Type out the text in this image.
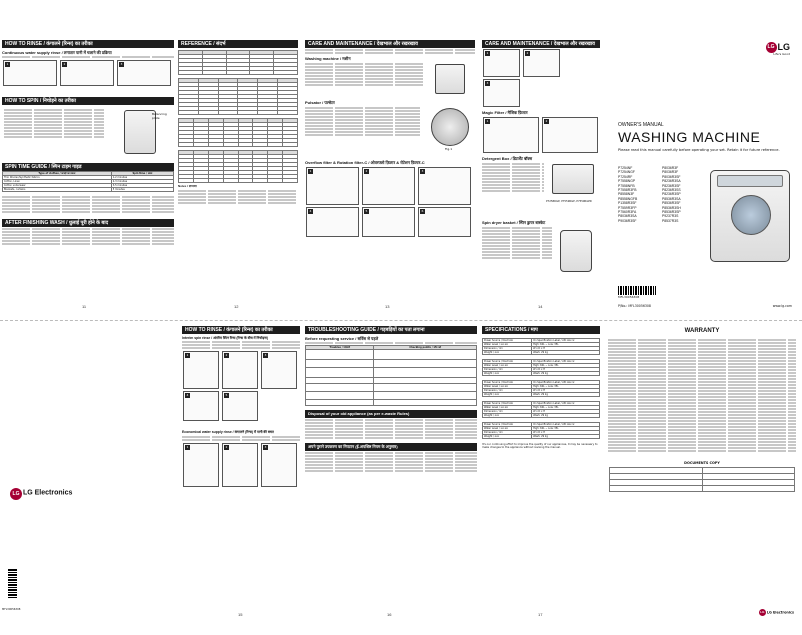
HOW TO RINSE / कंगालने (रिन्स) का तरीका
Continuous water supply rinse / लगातार पानी में चलाने की प्रक्रिया
1
	2
	3
HOW TO SPIN / निचोड़ने का तरीका
Balancing plate
SPIN TIME GUIDE / स्पिन टाइम गाइड
Type of clothes / कपड़ों का प्रकार	Spin time / समय
Thin Woolen/Synthetic fabrics	1-2 minutes
Cotton, Linen	2-3 minutes
Cotton underwear	3-5 minutes
Blankets, curtains	5 minutes
AFTER FINISHING WASH / धुलाई पूरी होने के बाद
11
REFERENCE / संदर्भ

Notes / टिप्पणी
12
CARE AND MAINTENANCE / देखभाल और रखरखाव
Washing machine / मशीन
Pulsator / पल्सेटर
Fig.1
Overflow filter & Rotation filter-C / ओवरफ्लो फ़िल्टर & रोटेशन फ़िल्टर-C
1
	2
	3
4
	5
	6
13
CARE AND MAINTENANCE / देखभाल और रखरखाव
1
	2

3
Magic Filter / मैजिक फ़िल्टर
1
	2
Detergent Box / डिटर्जेंट बॉक्स
P7258RGP, P7559RGP, P7559RGPR
Spin dryer basket / स्पिन ड्रायर बास्केट
14
LG LG
Life's Good
OWNER'S MANUAL
WASHING MACHINE
Please read this manual carefully before operating your set. Retain it for future reference.
P7254NF
P7254NGF
P7254RF
P7558NGP
P7558NFB
P7558R3FB
P8558N3F
P8558NGFB
P1358R3SF
P7559R3FP
P7560R3FA
P8036R3SA
P9036R3SF
P8036R3F
P8036R3F
P8036R3SF
P8236R3SA
P8236R3SF
P8236R3SS
P8236R3SP
P8536R3SA
P8536R3SF
P8536R3SH
P8536R3SP
P9237R3S
P8537R3S
MFL30056308
P/No.: MFL30056308	www.lg.com
LG LG Electronics
MFL30056308
HOW TO RINSE / कंगालने (रिन्स) का तरीका
Interim spin rinse / अंतरिम स्पिन रिन्स (रिन्स के बीच में निचोड़ना)
1
	2
	3
4
	5
Economical water supply rinse / कंगालने (रिन्स) में पानी की बचत
1
	2
	3
15
TROUBLESHOOTING GUIDE / गड़बड़ियों का पता लगाना
Before requesting service / सर्विस से पहले
Troubles / परेशानी	Checking points / जाँच करें

Disposal of your old appliance (as per e-waste Rules)
अपने पुराने उपकरण का निपटान (ई-अपशिष्ट नियम के अनुसार)
16
SPECIFICATIONS / माप
Power Source / बिजली स्रोत	On Specification Label / ब्यौरे लेबल पर
Water Level / जल स्तर	High: 60L ~ Low: 35L
Dimension / माप	W x D x H
Weight / वजन	Wash: 29 kg
Power Source / बिजली स्रोत	On Specification Label / ब्यौरे लेबल पर
Water Level / जल स्तर	High: 60L ~ Low: 35L
Dimension / माप	W x D x H
Weight / वजन	Wash: 29 kg
Power Source / बिजली स्रोत	On Specification Label / ब्यौरे लेबल पर
Water Level / जल स्तर	High: 60L ~ Low: 35L
Dimension / माप	W x D x H
Weight / वजन	Wash: 29 kg
Power Source / बिजली स्रोत	On Specification Label / ब्यौरे लेबल पर
Water Level / जल स्तर	High: 60L ~ Low: 35L
Dimension / माप	W x D x H
Weight / वजन	Wash: 29 kg
Power Source / बिजली स्रोत	On Specification Label / ब्यौरे लेबल पर
Water Level / जल स्तर	High: 60L ~ Low: 35L
Dimension / माप	W x D x H
Weight / वजन	Wash: 29 kg
It's our continuing effort to improve the quality of our appliances, it may be necessary to make changes to the appliance without revising the manual.
17
WARRANTY
DOCUMENTS COPY

LG LG Electronics
